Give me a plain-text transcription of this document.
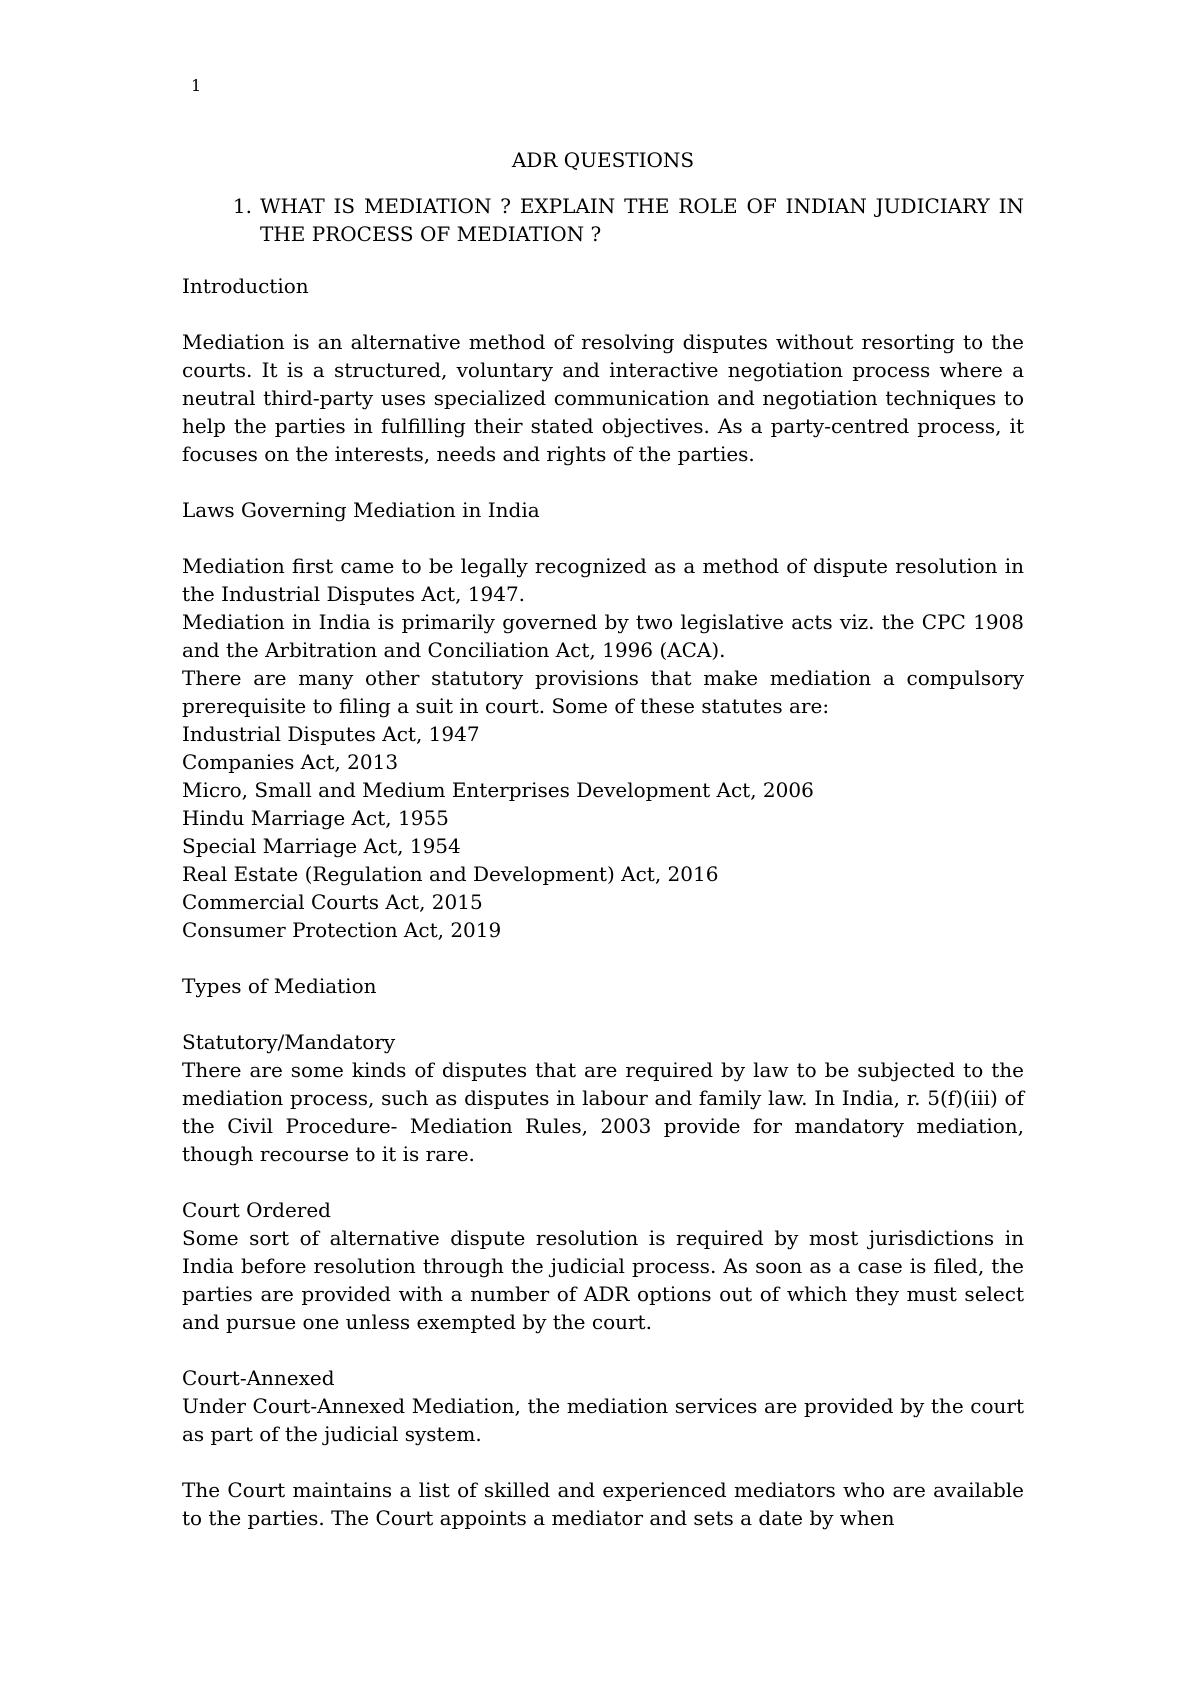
1
ADR QUESTIONS
1. WHAT IS MEDIATION ? EXPLAIN THE ROLE OF INDIAN JUDICIARY IN THE PROCESS OF MEDIATION ?
Introduction
Mediation is an alternative method of resolving disputes without resorting to the courts. It is a structured, voluntary and interactive negotiation process where a neutral third-party uses specialized communication and negotiation techniques to help the parties in fulfilling their stated objectives. As a party-centred process, it focuses on the interests, needs and rights of the parties.
Laws Governing Mediation in India
Mediation first came to be legally recognized as a method of dispute resolution in the Industrial Disputes Act, 1947.
Mediation in India is primarily governed by two legislative acts viz. the CPC 1908 and the Arbitration and Conciliation Act, 1996 (ACA).
There are many other statutory provisions that make mediation a compulsory prerequisite to filing a suit in court. Some of these statutes are:
Industrial Disputes Act, 1947
Companies Act, 2013
Micro, Small and Medium Enterprises Development Act, 2006
Hindu Marriage Act, 1955
Special Marriage Act, 1954
Real Estate (Regulation and Development) Act, 2016
Commercial Courts Act, 2015
Consumer Protection Act, 2019
Types of Mediation
Statutory/Mandatory
There are some kinds of disputes that are required by law to be subjected to the mediation process, such as disputes in labour and family law. In India, r. 5(f)(iii) of the Civil Procedure- Mediation Rules, 2003 provide for mandatory mediation, though recourse to it is rare.
Court Ordered
Some sort of alternative dispute resolution is required by most jurisdictions in India before resolution through the judicial process. As soon as a case is filed, the parties are provided with a number of ADR options out of which they must select and pursue one unless exempted by the court.
Court-Annexed
Under Court-Annexed Mediation, the mediation services are provided by the court as part of the judicial system.
The Court maintains a list of skilled and experienced mediators who are available to the parties. The Court appoints a mediator and sets a date by when
